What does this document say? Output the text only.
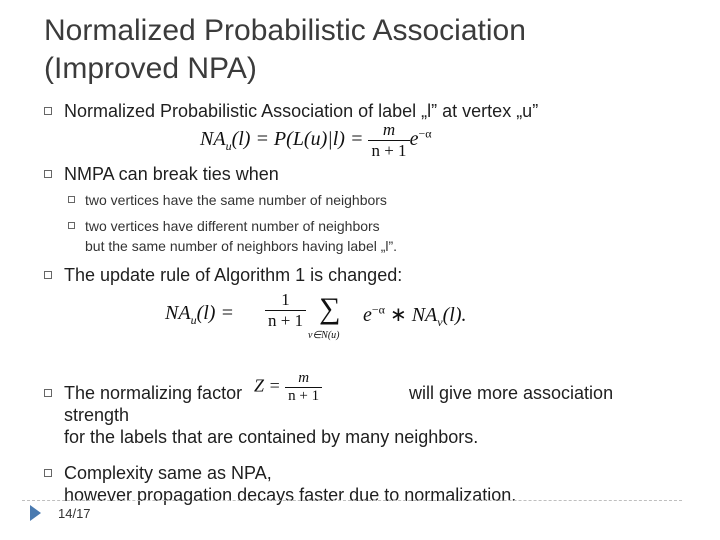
Normalized Probabilistic Association
(Improved NPA)
Normalized Probabilistic Association of label „l” at vertex „u”
$NA_u(l) = P(L(u)|l) = \frac{m}{n + 1} e^{-\alpha}$
NMPA can break ties when
two vertices have the same number of neighbors
two vertices have different number of neighbors
but the same number of neighbors having label „l”.
The update rule of Algorithm 1 is changed:
$NA_u(l) = \frac{1}{n + 1}$ ∑
v∈N(u)
$e^{-\alpha}$ ∗ $NA_v(l)$.
The normalizing factor	will give more association

strength
for the labels that are contained by many neighbors.
$Z = \frac{m}{n + 1}$
Complexity same as NPA,
however propagation decays faster due to normalization.
14/17
